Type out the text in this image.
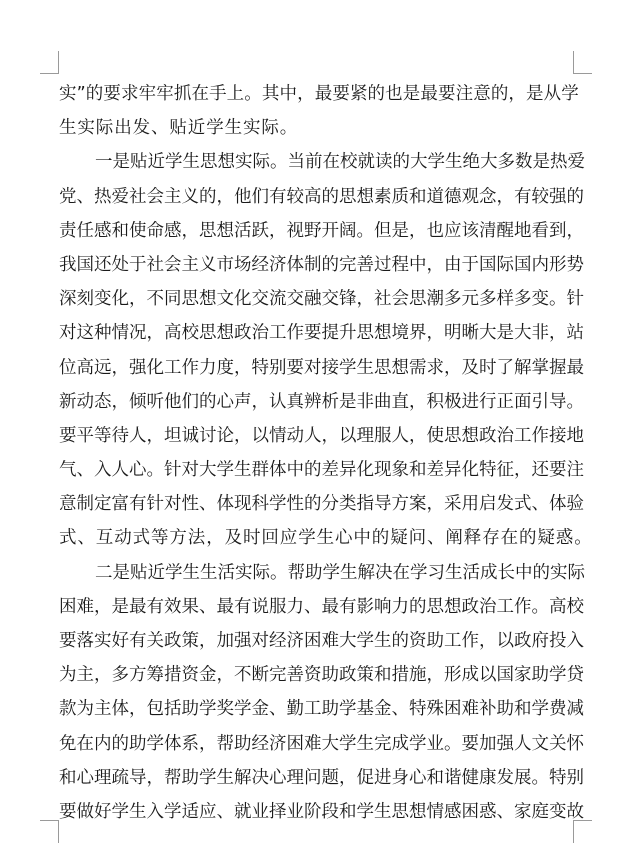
实 ” 的 要 求 牢 牢 抓 在 手 上 。 其 中 ， 最 要 紧 的 也 是 最 要 注 意 的 ， 是 从 学
生实际出发、贴近学生实际。
一 是 贴 近 学 生 思 想 实 际 。 当 前 在 校 就 读 的 大 学 生 绝 大 多 数 是 热 爱
党 、 热 爱 社 会 主 义 的 ， 他 们 有 较 高 的 思 想 素 质 和 道 德 观 念 ， 有 较 强 的
责 任 感 和 使 命 感 ， 思 想 活 跃 ， 视 野 开 阔 。 但 是 ， 也 应 该 清 醒 地 看 到 ，
我 国 还 处 于 社 会 主 义 市 场 经 济 体 制 的 完 善 过 程 中 ， 由 于 国 际 国 内 形 势
深 刻 变 化 ， 不 同 思 想 文 化 交 流 交 融 交 锋 ， 社 会 思 潮 多 元 多 样 多 变 。 针
对 这 种 情 况 ， 高 校 思 想 政 治 工 作 要 提 升 思 想 境 界 ， 明 晰 大 是 大 非 ， 站
位 高 远 ， 强 化 工 作 力 度 ， 特 别 要 对 接 学 生 思 想 需 求 ， 及 时 了 解 掌 握 最
新 动 态 ， 倾 听 他 们 的 心 声 ， 认 真 辨 析 是 非 曲 直 ， 积 极 进 行 正 面 引 导 。
要 平 等 待 人 ， 坦 诚 讨 论 ， 以 情 动 人 ， 以 理 服 人 ， 使 思 想 政 治 工 作 接 地
气 、 入 人 心 。 针 对 大 学 生 群 体 中 的 差 异 化 现 象 和 差 异 化 特 征 ， 还 要 注
意 制 定 富 有 针 对 性 、 体 现 科 学 性 的 分 类 指 导 方 案 ， 采 用 启 发 式 、 体 验
式、互动式等方法，及时回应学生心中的疑问、阐释存在的疑惑。
二 是 贴 近 学 生 生 活 实 际 。 帮 助 学 生 解 决 在 学 习 生 活 成 长 中 的 实 际
困 难 ， 是 最 有 效 果 、 最 有 说 服 力 、 最 有 影 响 力 的 思 想 政 治 工 作 。 高 校
要 落 实 好 有 关 政 策 ， 加 强 对 经 济 困 难 大 学 生 的 资 助 工 作 ， 以 政 府 投 入
为 主 ， 多 方 筹 措 资 金 ， 不 断 完 善 资 助 政 策 和 措 施 ， 形 成 以 国 家 助 学 贷
款 为 主 体 ， 包 括 助 学 奖 学 金 、 勤 工 助 学 基 金 、 特 殊 困 难 补 助 和 学 费 减
免 在 内 的 助 学 体 系 ， 帮 助 经 济 困 难 大 学 生 完 成 学 业 。 要 加 强 人 文 关 怀
和 心 理 疏 导 ， 帮 助 学 生 解 决 心 理 问 题 ， 促 进 身 心 和 谐 健 康 发 展 。 特 别
要 做 好 学 生 入 学 适 应 、 就 业 择 业 阶 段 和 学 生 思 想 情 感 困 惑 、 家 庭 变 故
